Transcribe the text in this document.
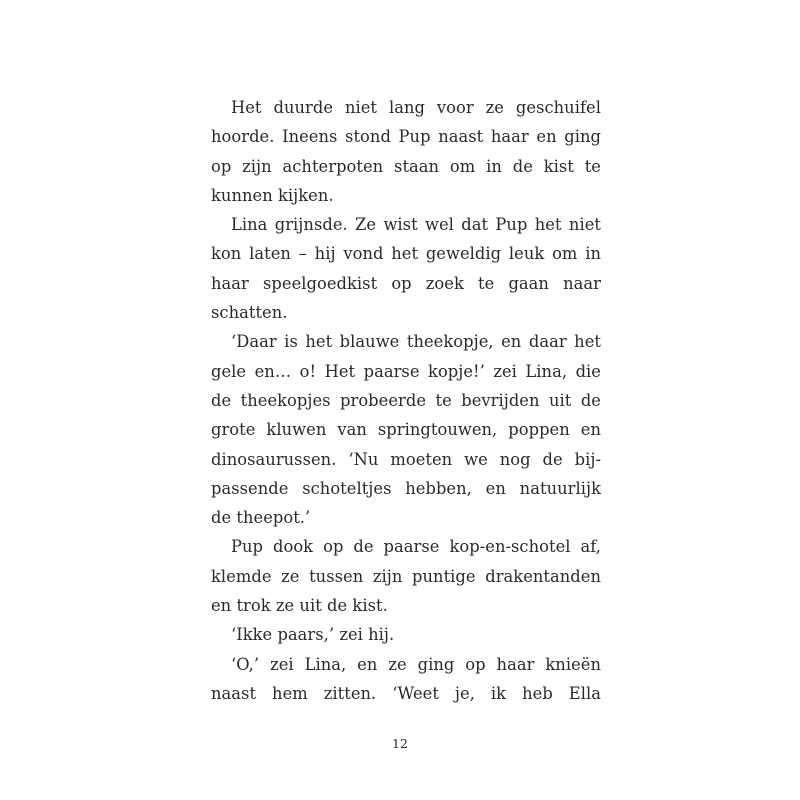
Het duurde niet lang voor ze geschuifel
hoorde. Ineens stond Pup naast haar en ging
op zijn achterpoten staan om in de kist te
kunnen kijken.
Lina grijnsde. Ze wist wel dat Pup het niet
kon laten – hij vond het geweldig leuk om in
haar speelgoedkist op zoek te gaan naar
schatten.
‘Daar is het blauwe theekopje, en daar het
gele en… o! Het paarse kopje!’ zei Lina, die
de theekopjes probeerde te bevrijden uit de
grote kluwen van springtouwen, poppen en
dinosaurussen. ‘Nu moeten we nog de bij-
passende schoteltjes hebben, en natuurlijk
de theepot.’
Pup dook op de paarse kop-en-schotel af,
klemde ze tussen zijn puntige drakentanden
en trok ze uit de kist.
‘Ikke paars,’ zei hij.
‘O,’ zei Lina, en ze ging op haar knieën
naast hem zitten. ‘Weet je, ik heb Ella
12
